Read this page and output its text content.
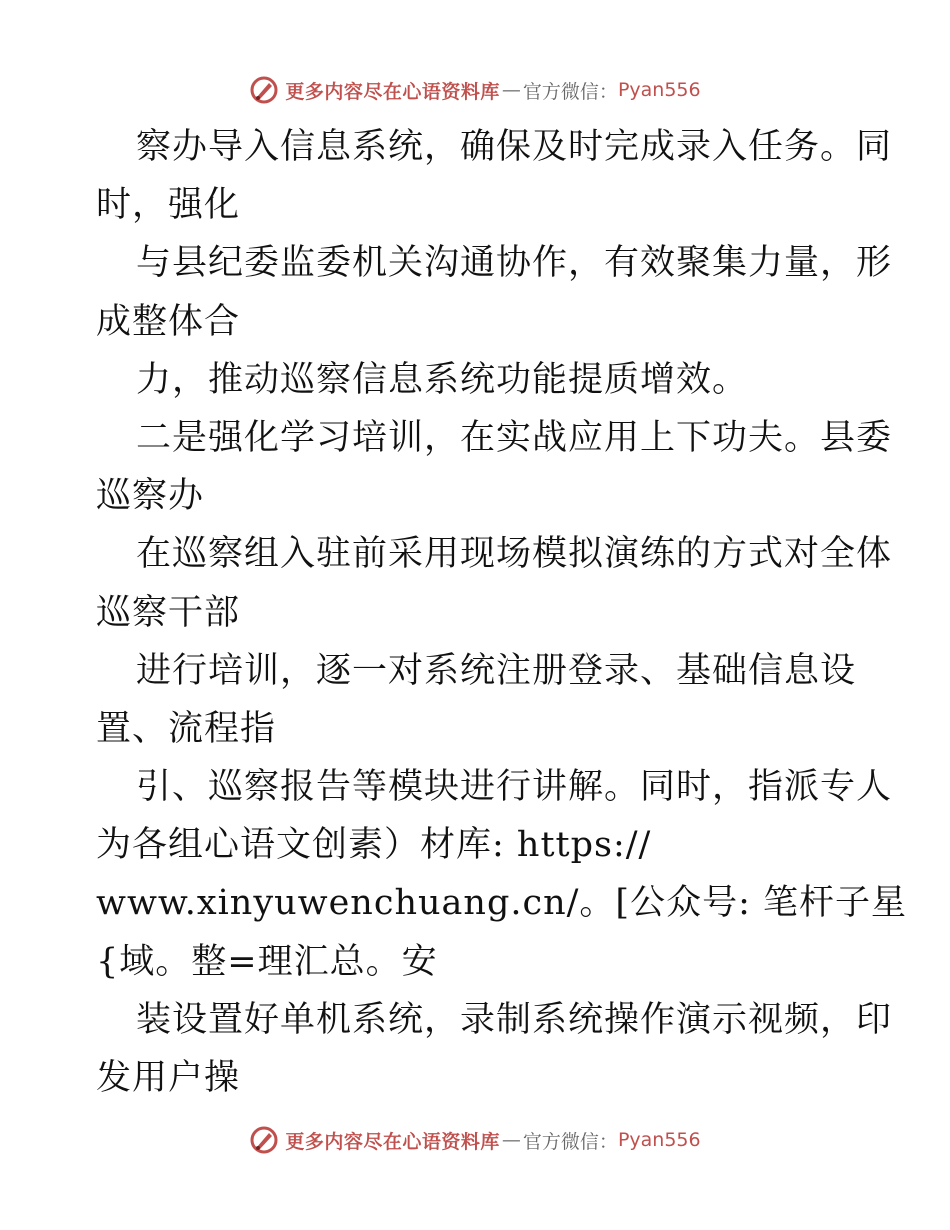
更多内容尽在心语资料库 — 官方微信： Pyan556
察办导入信息系统，确保及时完成录入任务。同
时，强化
与县纪委监委机关沟通协作，有效聚集力量，形
成整体合
力，推动巡察信息系统功能提质增效。
二是强化学习培训，在实战应用上下功夫。县委
巡察办
在巡察组入驻前采用现场模拟演练的方式对全体
巡察干部
进行培训，逐一对系统注册登录、基础信息设
置、流程指
引、巡察报告等模块进行讲解。同时，指派专人
为各组心语文创素）材库: https://
www.xinyuwenchuang.cn/。[公众号: 笔杆子星
{域。整=理汇总。安
装设置好单机系统，录制系统操作演示视频，印
发用户操
更多内容尽在心语资料库 — 官方微信： Pyan556
